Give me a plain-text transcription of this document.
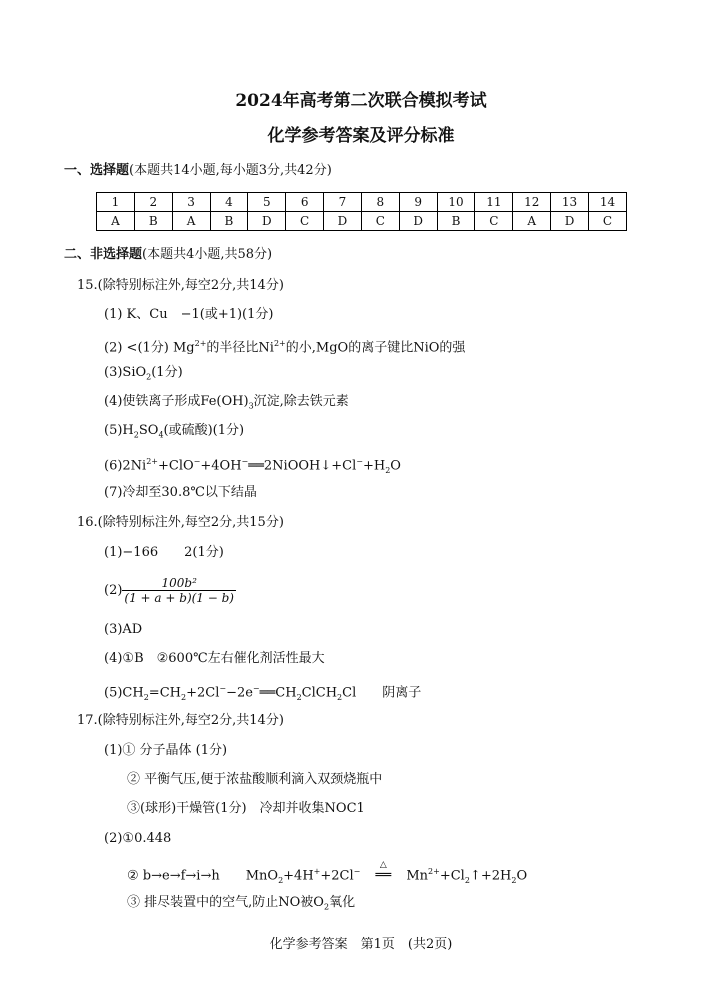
2024年高考第二次联合模拟考试
化学参考答案及评分标准
一、选择题(本题共14小题,每小题3分,共42分)
1	2	3	4	5	6	7	8	9	10	11	12	13	14
A	B	A	B	D	C	D	C	D	B	C	A	D	C
二、非选择题(本题共4小题,共58分)
15.(除特别标注外,每空2分,共14分)
(1) K、Cu　−1(或+1)(1分)
(2) <(1分) $Mg^{2+}$的半径比$Ni^{2+}$的小,MgO的离子键比NiO的强
(3)SiO$_2$(1分)
(4)使铁离子形成$Fe(OH)_3$沉淀,除去铁元素
$(5)H_2SO_4$(或硫酸)(1分)
$(6)2Ni^{2+}+ClO^-+4OH^-══2NiOOH↓+Cl^-+H_2O$
(7)冷却至30.8℃以下结晶
16.(除特别标注外,每空2分,共15分)
(1)−166　　2(1分)
$(2) \frac{\text{100b²}}{(1 + a + b)(1 - b)}$
(3)AD
(4)①B　②600℃左右催化剂活性最大
$(5)CH_2=CH_2+2Cl^--2e^-══CH_2ClCH_2Cl$　　阴离子
17.(除特别标注外,每空2分,共14分)
(1)① 分子晶体 (1分)
② 平衡气压,便于浓盐酸顺利滴入双颈烧瓶中
③(球形)干燥管(1分)　冷却并收集NOC1
(2)①0.448
② b→e→f→i→h　　MnO$_2$+4H++2Cl−
△
══ $Mn^{2+}+Cl_2↑+2H_2O$
③ 排尽装置中的空气,防止NO被$O_2$氧化
化学参考答案　第1页　(共2页)
